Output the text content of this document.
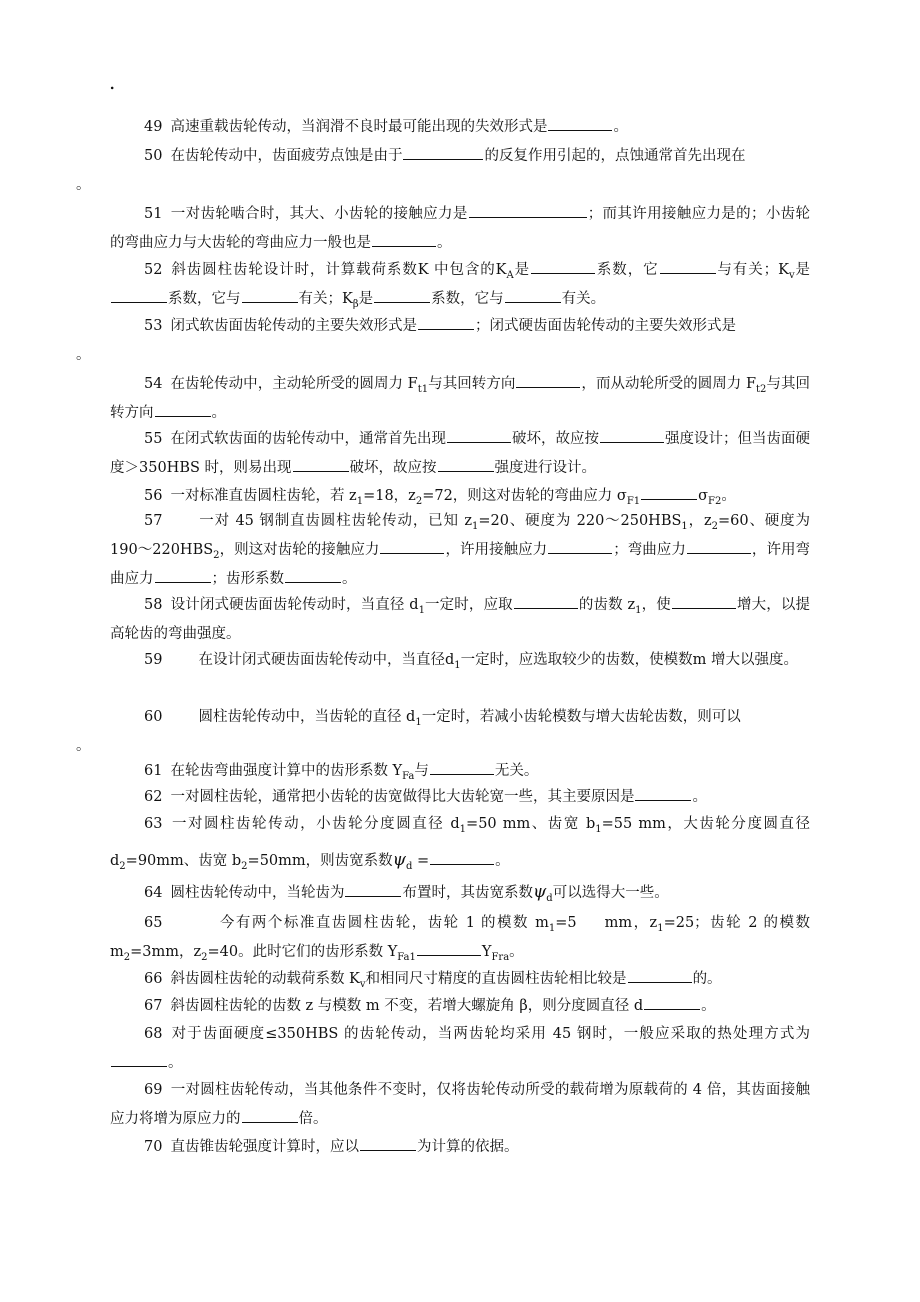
.
49 高速重载齿轮传动，当润滑不良时最可能出现的失效形式是	。
50 在齿轮传动中，齿面疲劳点蚀是由于	的反复作用引起的，点蚀通常首先出现在
。
51 一对齿轮啮合时，其大、小齿轮的接触应力是	；而其许用接触应力是的；小齿轮的弯曲应力与大齿轮的弯曲应力一般也是	。
52 斜齿圆柱齿轮设计时，计算载荷系数K 中包含的$K_A$是	系数，它	与有关；$K_v$是系数，它与	有关；$K_\beta$是	系数，它与	有关。
53 闭式软齿面齿轮传动的主要失效形式是	；闭式硬齿面齿轮传动的主要失效形式是
。
54 在齿轮传动中，主动轮所受的圆周力 $F_{t1}$与其回转方向	，而从动轮所受的圆周力 $F_{t2}$与其回转方向	。
55 在闭式软齿面的齿轮传动中，通常首先出现	破坏，故应按	强度设计；但当齿面硬度＞350HBS 时，则易出现	破坏，故应按	强度进行设计。
56 一对标准直齿圆柱齿轮，若 $z_1=18$，$z_2=72$，则这对齿轮的弯曲应力 $\sigma_{F1}$	$\sigma_{F2}$。
57 一对 45 钢制直齿圆柱齿轮传动，已知 $z_1=20$、硬度为 $220\sim 250HBS_1$，$z_2=60$、硬度为 $190\sim 220HBS_2$，则这对齿轮的接触应力	，许用接触应力	；弯曲应力	，许用弯曲应力	；齿形系数	。
58 设计闭式硬齿面齿轮传动时，当直径 $d_1$一定时，应取	的齿数 $z_1$，使	增大，以提高轮齿的弯曲强度。
59 在设计闭式硬齿面齿轮传动中，当直径$d_1$一定时，应选取较少的齿数，使模数m 增大以强度。
60 圆柱齿轮传动中，当齿轮的直径 $d_1$一定时，若减小齿轮模数与增大齿轮齿数，则可以
。
61 在轮齿弯曲强度计算中的齿形系数 $Y_{Fa}$与	无关。
62 一对圆柱齿轮，通常把小齿轮的齿宽做得比大齿轮宽一些，其主要原因是	。
63 一对圆柱齿轮传动，小齿轮分度圆直径 $d_1=50$ mm、齿宽 $b_1=55$ mm，大齿轮分度圆直径 $d_2=90mm$、齿宽 $b_2=50mm$，则齿宽系数$\psi_d$ =	。
64 圆柱齿轮传动中，当轮齿为	布置时，其齿宽系数$\psi_d$可以选得大一些。
65	今有两个标准直齿圆柱齿轮，齿轮 1 的模数 $m_1=5$ mm，$z_1=25$；齿轮 2 的模数 $m_2=3mm$，$z_2=40$。此时它们的齿形系数 $Y_{Fa1}$	$Y_{Fra}$。
66 斜齿圆柱齿轮的动载荷系数 $K_v$和相同尺寸精度的直齿圆柱齿轮相比较是	的。
67 斜齿圆柱齿轮的齿数 z 与模数 m 不变，若增大螺旋角 β，则分度圆直径 d	。
68 对于齿面硬度≤350HBS 的齿轮传动，当两齿轮均采用 45 钢时，一般应采取的热处理方式为。
69 一对圆柱齿轮传动，当其他条件不变时，仅将齿轮传动所受的载荷增为原载荷的 4 倍，其齿面接触应力将增为原应力的	倍。
70 直齿锥齿轮强度计算时，应以	为计算的依据。
